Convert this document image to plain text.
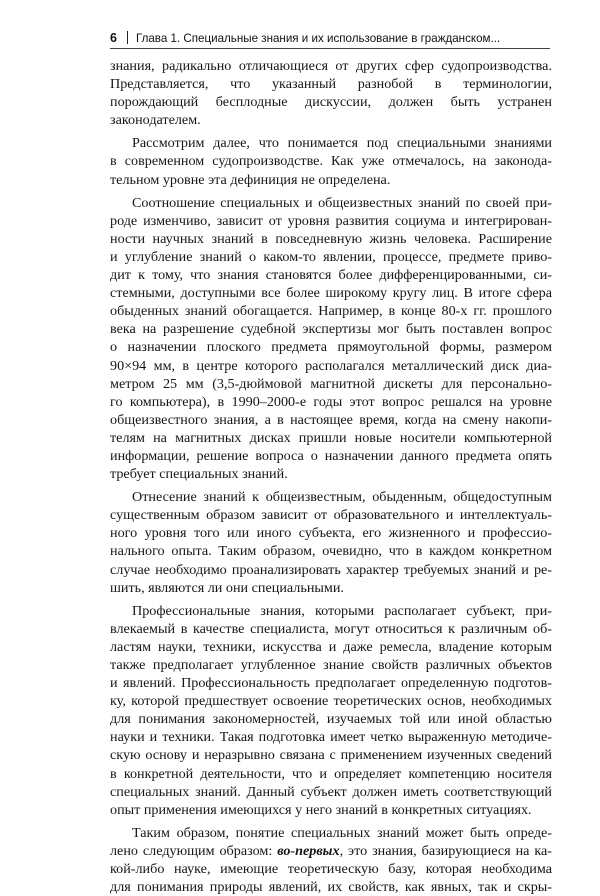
6 Глава 1. Специальные знания и их использование в гражданском...

знания, радикально отличающиеся от других сфер судопроизводства.
Представляется, что указанный разнобой в терминологии, порождающий бесплодные дискуссии, должен быть устранен законодателем.

Рассмотрим далее, что понимается под специальными знаниями
в современном судопроизводстве. Как уже отмечалось, на законода-
тельном уровне эта дефиниция не определена.

Соотношение специальных и общеизвестных знаний по своей при-
роде изменчиво, зависит от уровня развития социума и интегрирован-
ности научных знаний в повседневную жизнь человека. Расширение
и углубление знаний о каком-то явлении, процессе, предмете приво-
дит к тому, что знания становятся более дифференцированными, си-
стемными, доступными все более широкому кругу лиц. В итоге сфера
обыденных знаний обогащается. Например, в конце 80-х гг. прошлого
века на разрешение судебной экспертизы мог быть поставлен вопрос
о назначении плоского предмета прямоугольной формы, размером
90×94 мм, в центре которого располагался металлический диск диа-
метром 25 мм (3,5-дюймовой магнитной дискеты для персонально-
го компьютера), в 1990–2000-е годы этот вопрос решался на уровне
общеизвестного знания, а в настоящее время, когда на смену накопи-
телям на магнитных дисках пришли новые носители компьютерной
информации, решение вопроса о назначении данного предмета опять
требует специальных знаний.

Отнесение знаний к общеизвестным, обыденным, общедоступным
существенным образом зависит от образовательного и интеллектуаль-
ного уровня того или иного субъекта, его жизненного и профессио-
нального опыта. Таким образом, очевидно, что в каждом конкретном
случае необходимо проанализировать характер требуемых знаний и ре-
шить, являются ли они специальными.

Профессиональные знания, которыми располагает субъект, при-
влекаемый в качестве специалиста, могут относиться к различным об-
ластям науки, техники, искусства и даже ремесла, владение которым
также предполагает углубленное знание свойств различных объектов
и явлений. Профессиональность предполагает определенную подготов-
ку, которой предшествует освоение теоретических основ, необходимых
для понимания закономерностей, изучаемых той или иной областью
науки и техники. Такая подготовка имеет четко выраженную методиче-
скую основу и неразрывно связана с применением изученных сведений
в конкретной деятельности, что и определяет компетенцию носителя
специальных знаний. Данный субъект должен иметь соответствующий
опыт применения имеющихся у него знаний в конкретных ситуациях.

Таким образом, понятие специальных знаний может быть опреде-
лено следующим образом: во-первых, это знания, базирующиеся на ка-
кой-либо науке, имеющие теоретическую базу, которая необходима
для понимания природы явлений, их свойств, как явных, так и скры-
